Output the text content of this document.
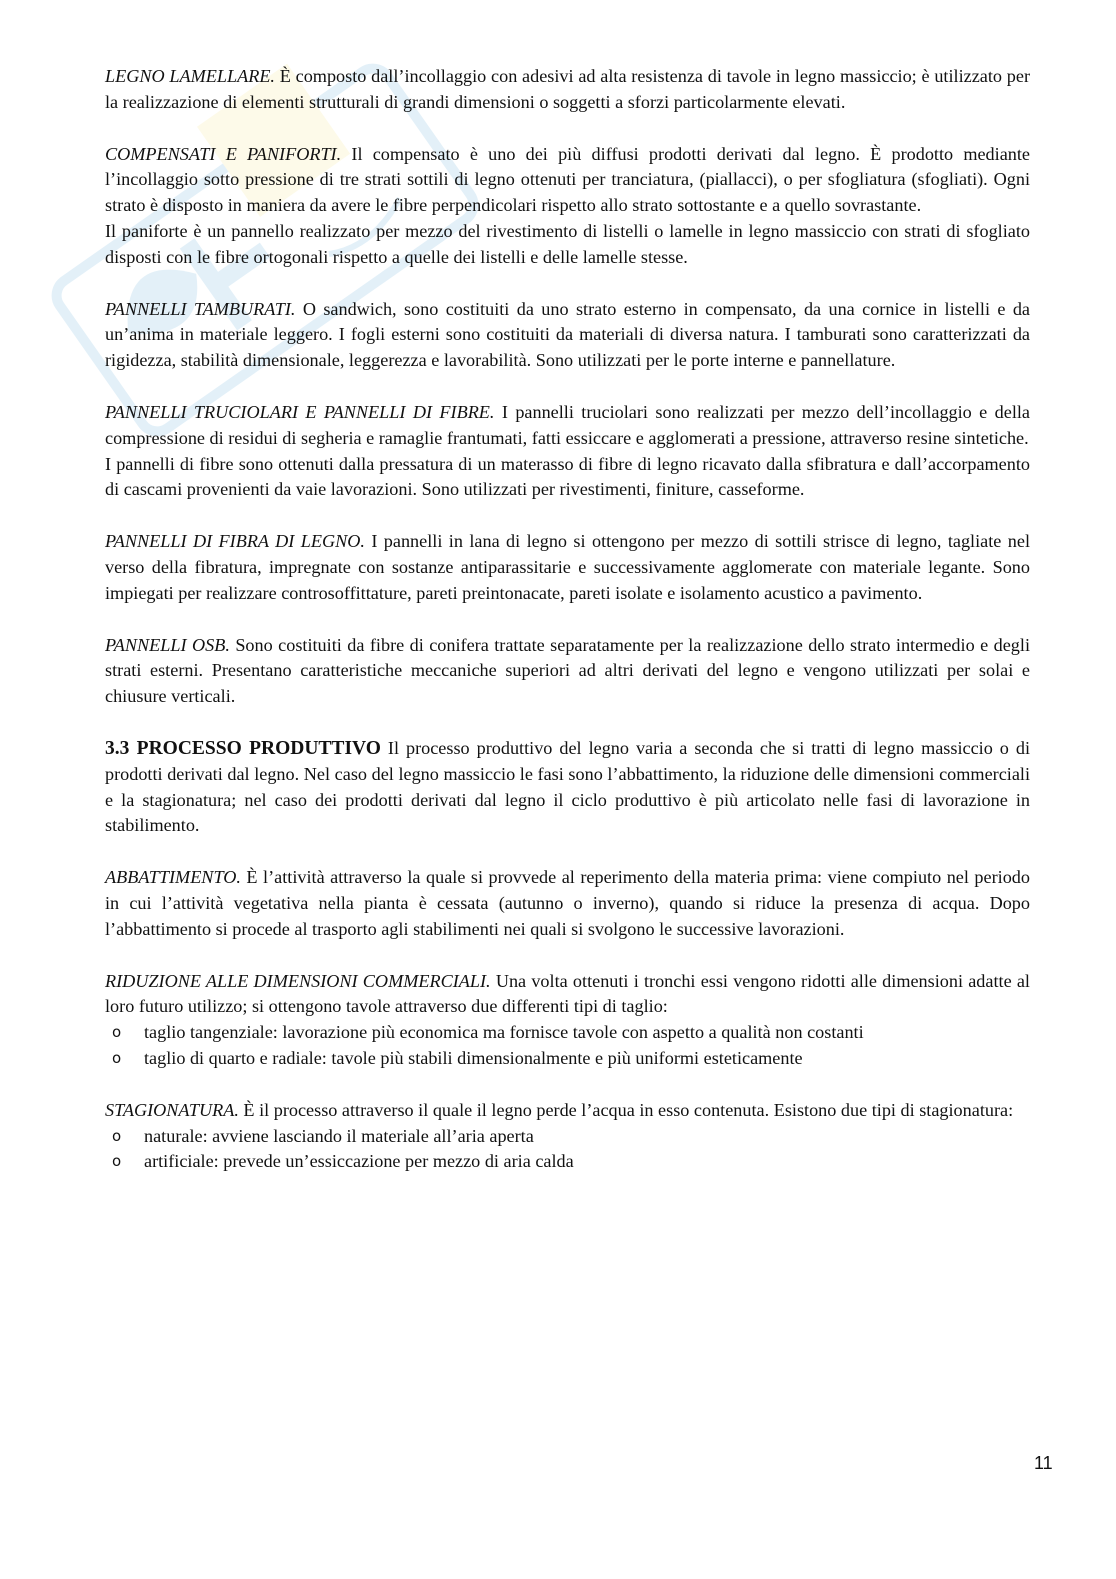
LEGNO LAMELLARE. È composto dall’incollaggio con adesivi ad alta resistenza di tavole in legno massiccio; è utilizzato per la realizzazione di elementi strutturali di grandi dimensioni o soggetti a sforzi particolarmente elevati.

COMPENSATI E PANIFORTI. Il compensato è uno dei più diffusi prodotti derivati dal legno. È prodotto mediante l’incollaggio sotto pressione di tre strati sottili di legno ottenuti per tranciatura, (piallacci), o per sfogliatura (sfogliati). Ogni strato è disposto in maniera da avere le fibre perpendicolari rispetto allo strato sottostante e a quello sovrastante.

Il paniforte è un pannello realizzato per mezzo del rivestimento di listelli o lamelle in legno massiccio con strati di sfogliato disposti con le fibre ortogonali rispetto a quelle dei listelli e delle lamelle stesse.

PANNELLI TAMBURATI. O sandwich, sono costituiti da uno strato esterno in compensato, da una cornice in listelli e da un’anima in materiale leggero. I fogli esterni sono costituiti da materiali di diversa natura. I tamburati sono caratterizzati da rigidezza, stabilità dimensionale, leggerezza e lavorabilità. Sono utilizzati per le porte interne e pannellature.

PANNELLI TRUCIOLARI E PANNELLI DI FIBRE. I pannelli truciolari sono realizzati per mezzo dell’incollaggio e della compressione di residui di segheria e ramaglie frantumati, fatti essiccare e agglomerati a pressione, attraverso resine sintetiche.

I pannelli di fibre sono ottenuti dalla pressatura di un materasso di fibre di legno ricavato dalla sfibratura e dall’accorpamento di cascami provenienti da vaie lavorazioni. Sono utilizzati per rivestimenti, finiture, casseforme.

PANNELLI DI FIBRA DI LEGNO. I pannelli in lana di legno si ottengono per mezzo di sottili strisce di legno, tagliate nel verso della fibratura, impregnate con sostanze antiparassitarie e successivamente agglomerate con materiale legante. Sono impiegati per realizzare controsoffittature, pareti preintonacate, pareti isolate e isolamento acustico a pavimento.

PANNELLI OSB. Sono costituiti da fibre di conifera trattate separatamente per la realizzazione dello strato intermedio e degli strati esterni. Presentano caratteristiche meccaniche superiori ad altri derivati del legno e vengono utilizzati per solai e chiusure verticali.

3.3 PROCESSO PRODUTTIVO Il processo produttivo del legno varia a seconda che si tratti di legno massiccio o di prodotti derivati dal legno. Nel caso del legno massiccio le fasi sono l’abbattimento, la riduzione delle dimensioni commerciali e la stagionatura; nel caso dei prodotti derivati dal legno il ciclo produttivo è più articolato nelle fasi di lavorazione in stabilimento.

ABBATTIMENTO. È l’attività attraverso la quale si provvede al reperimento della materia prima: viene compiuto nel periodo in cui l’attività vegetativa nella pianta è cessata (autunno o inverno), quando si riduce la presenza di acqua. Dopo l’abbattimento si procede al trasporto agli stabilimenti nei quali si svolgono le successive lavorazioni.

RIDUZIONE ALLE DIMENSIONI COMMERCIALI. Una volta ottenuti i tronchi essi vengono ridotti alle dimensioni adatte al loro futuro utilizzo; si ottengono tavole attraverso due differenti tipi di taglio:

o taglio tangenziale: lavorazione più economica ma fornisce tavole con aspetto a qualità non costanti
o taglio di quarto e radiale: tavole più stabili dimensionalmente e più uniformi esteticamente

STAGIONATURA. È il processo attraverso il quale il legno perde l’acqua in esso contenuta. Esistono due tipi di stagionatura:

o naturale: avviene lasciando il materiale all’aria aperta
o artificiale: prevede un’essiccazione per mezzo di aria calda
11
